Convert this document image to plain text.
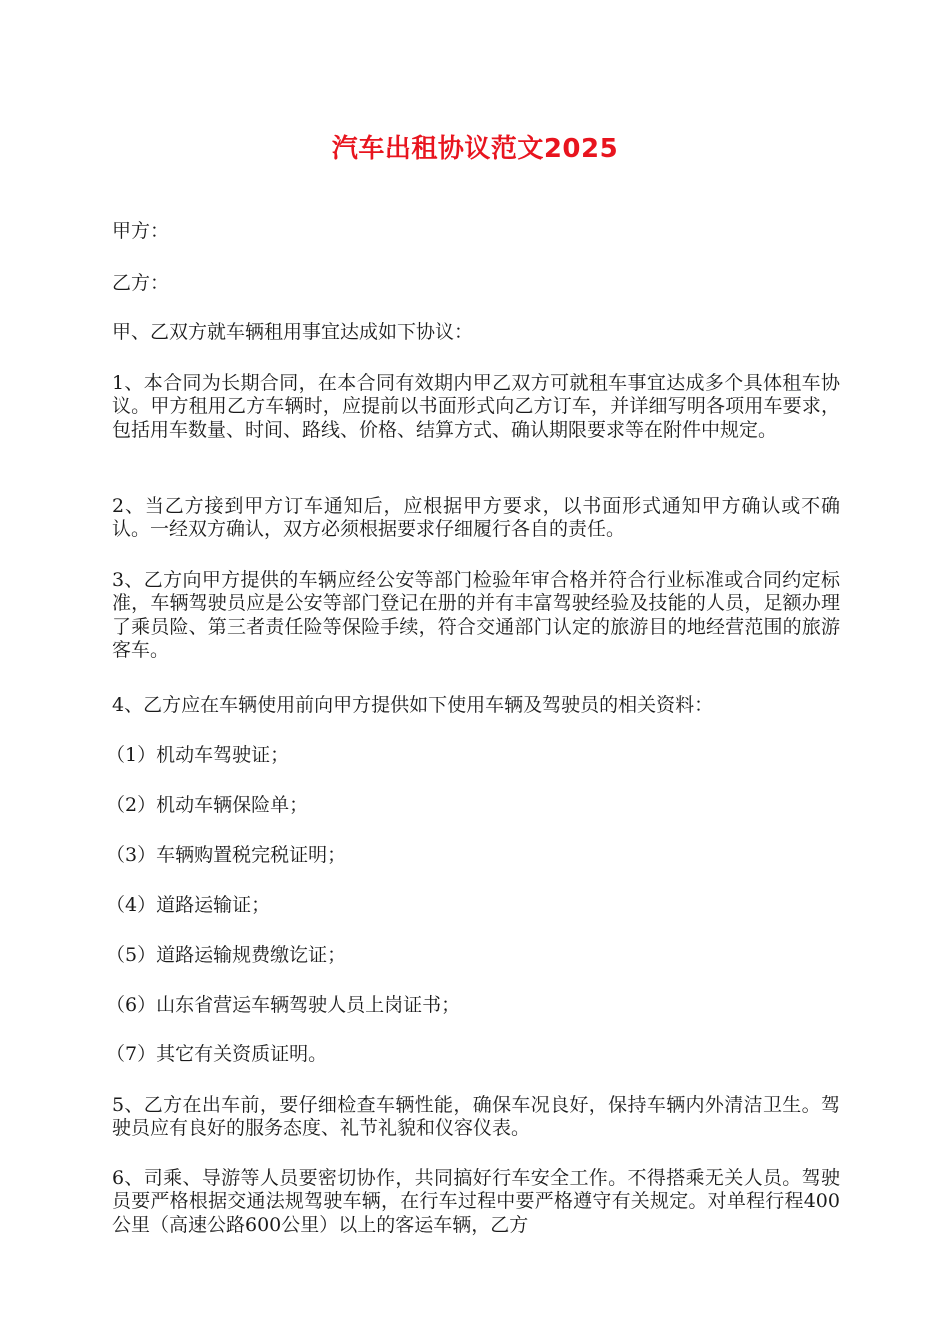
汽车出租协议范文2025
甲方：
乙方：
甲、乙双方就车辆租用事宜达成如下协议：
1、本合同为长期合同，在本合同有效期内甲乙双方可就租车事宜达成多个具体租车协议。甲方租用乙方车辆时，应提前以书面形式向乙方订车，并详细写明各项用车要求，包括用车数量、时间、路线、价格、结算方式、确认期限要求等在附件中规定。
2、当乙方接到甲方订车通知后，应根据甲方要求，以书面形式通知甲方确认或不确认。一经双方确认，双方必须根据要求仔细履行各自的责任。
3、乙方向甲方提供的车辆应经公安等部门检验年审合格并符合行业标准或合同约定标准，车辆驾驶员应是公安等部门登记在册的并有丰富驾驶经验及技能的人员，足额办理了乘员险、第三者责任险等保险手续，符合交通部门认定的旅游目的地经营范围的旅游客车。
4、乙方应在车辆使用前向甲方提供如下使用车辆及驾驶员的相关资料：
（1）机动车驾驶证；
（2）机动车辆保险单；
（3）车辆购置税完税证明；
（4）道路运输证；
（5）道路运输规费缴讫证；
（6）山东省营运车辆驾驶人员上岗证书；
（7）其它有关资质证明。
5、乙方在出车前，要仔细检查车辆性能，确保车况良好，保持车辆内外清洁卫生。驾驶员应有良好的服务态度、礼节礼貌和仪容仪表。
6、司乘、导游等人员要密切协作，共同搞好行车安全工作。不得搭乘无关人员。驾驶员要严格根据交通法规驾驶车辆，在行车过程中要严格遵守有关规定。对单程行程400公里（高速公路600公里）以上的客运车辆，乙方
